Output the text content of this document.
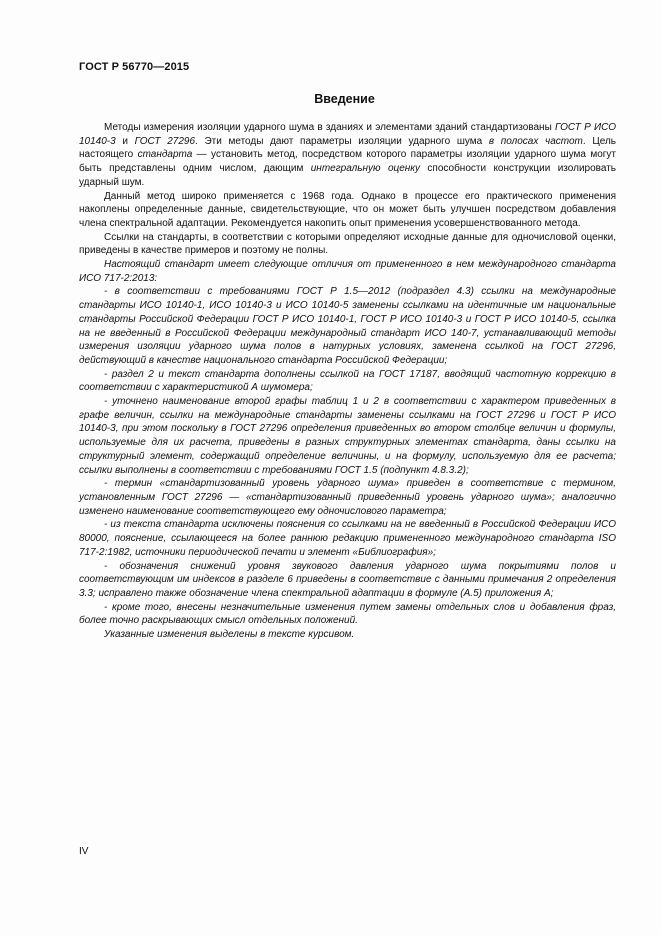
ГОСТ Р 56770—2015
Введение

Методы измерения изоляции ударного шума в зданиях и элементами зданий стандартизованы ГОСТ Р ИСО 10140-3 и ГОСТ 27296. Эти методы дают параметры изоляции ударного шума в полосах частот. Цель настоящего стандарта — установить метод, посредством которого параметры изоляции ударного шума могут быть представлены одним числом, дающим интегральную оценку способности конструкции изолировать ударный шум.

Данный метод широко применяется с 1968 года. Однако в процессе его практического применения накоплены определенные данные, свидетельствующие, что он может быть улучшен посредством добавления члена спектральной адаптации. Рекомендуется накопить опыт применения усовершенствованного метода.

Ссылки на стандарты, в соответствии с которыми определяют исходные данные для одночисловой оценки, приведены в качестве примеров и поэтому не полны.

Настоящий стандарт имеет следующие отличия от примененного в нем международного стандарта ИСО 717-2:2013:

- в соответствии с требованиями ГОСТ Р 1.5—2012 (подраздел 4.3) ссылки на международные стандарты ИСО 10140-1, ИСО 10140-3 и ИСО 10140-5 заменены ссылками на идентичные им национальные стандарты Российской Федерации ГОСТ Р ИСО 10140-1, ГОСТ Р ИСО 10140-3 и ГОСТ Р ИСО 10140-5, ссылка на не введенный в Российской Федерации международный стандарт ИСО 140-7, устанавливающий методы измерения изоляции ударного шума полов в натурных условиях, заменена ссылкой на ГОСТ 27296, действующий в качестве национального стандарта Российской Федерации;

- раздел 2 и текст стандарта дополнены ссылкой на ГОСТ 17187, вводящий частотную коррекцию в соответствии с характеристикой А шумомера;

- уточнено наименование второй графы таблиц 1 и 2 в соответствии с характером приведенных в графе величин, ссылки на международные стандарты заменены ссылками на ГОСТ 27296 и ГОСТ Р ИСО 10140-3, при этом поскольку в ГОСТ 27296 определения приведенных во втором столбце величин и формулы, используемые для их расчета, приведены в разных структурных элементах стандарта, даны ссылки на структурный элемент, содержащий определение величины, и на формулу, используемую для ее расчета; ссылки выполнены в соответствии с требованиями ГОСТ 1.5 (подпункт 4.8.3.2);

- термин «стандартизованный уровень ударного шума» приведен в соответствие с термином, установленным ГОСТ 27296 — «стандартизованный приведенный уровень ударного шума»; аналогично изменено наименование соответствующего ему одночислового параметра;

- из текста стандарта исключены пояснения со ссылками на не введенный в Российской Федерации ИСО 80000, пояснение, ссылающееся на более раннюю редакцию примененного международного стандарта ISO 717-2:1982, источники периодической печати и элемент «Библиография»;

- обозначения снижений уровня звукового давления ударного шума покрытиями полов и соответствующим им индексов в разделе 6 приведены в соответствие с данными примечания 2 определения 3.3; исправлено также обозначение члена спектральной адаптации в формуле (А.5) приложения А;

- кроме того, внесены незначительные изменения путем замены отдельных слов и добавления фраз, более точно раскрывающих смысл отдельных положений.

Указанные изменения выделены в тексте курсивом.

IV
